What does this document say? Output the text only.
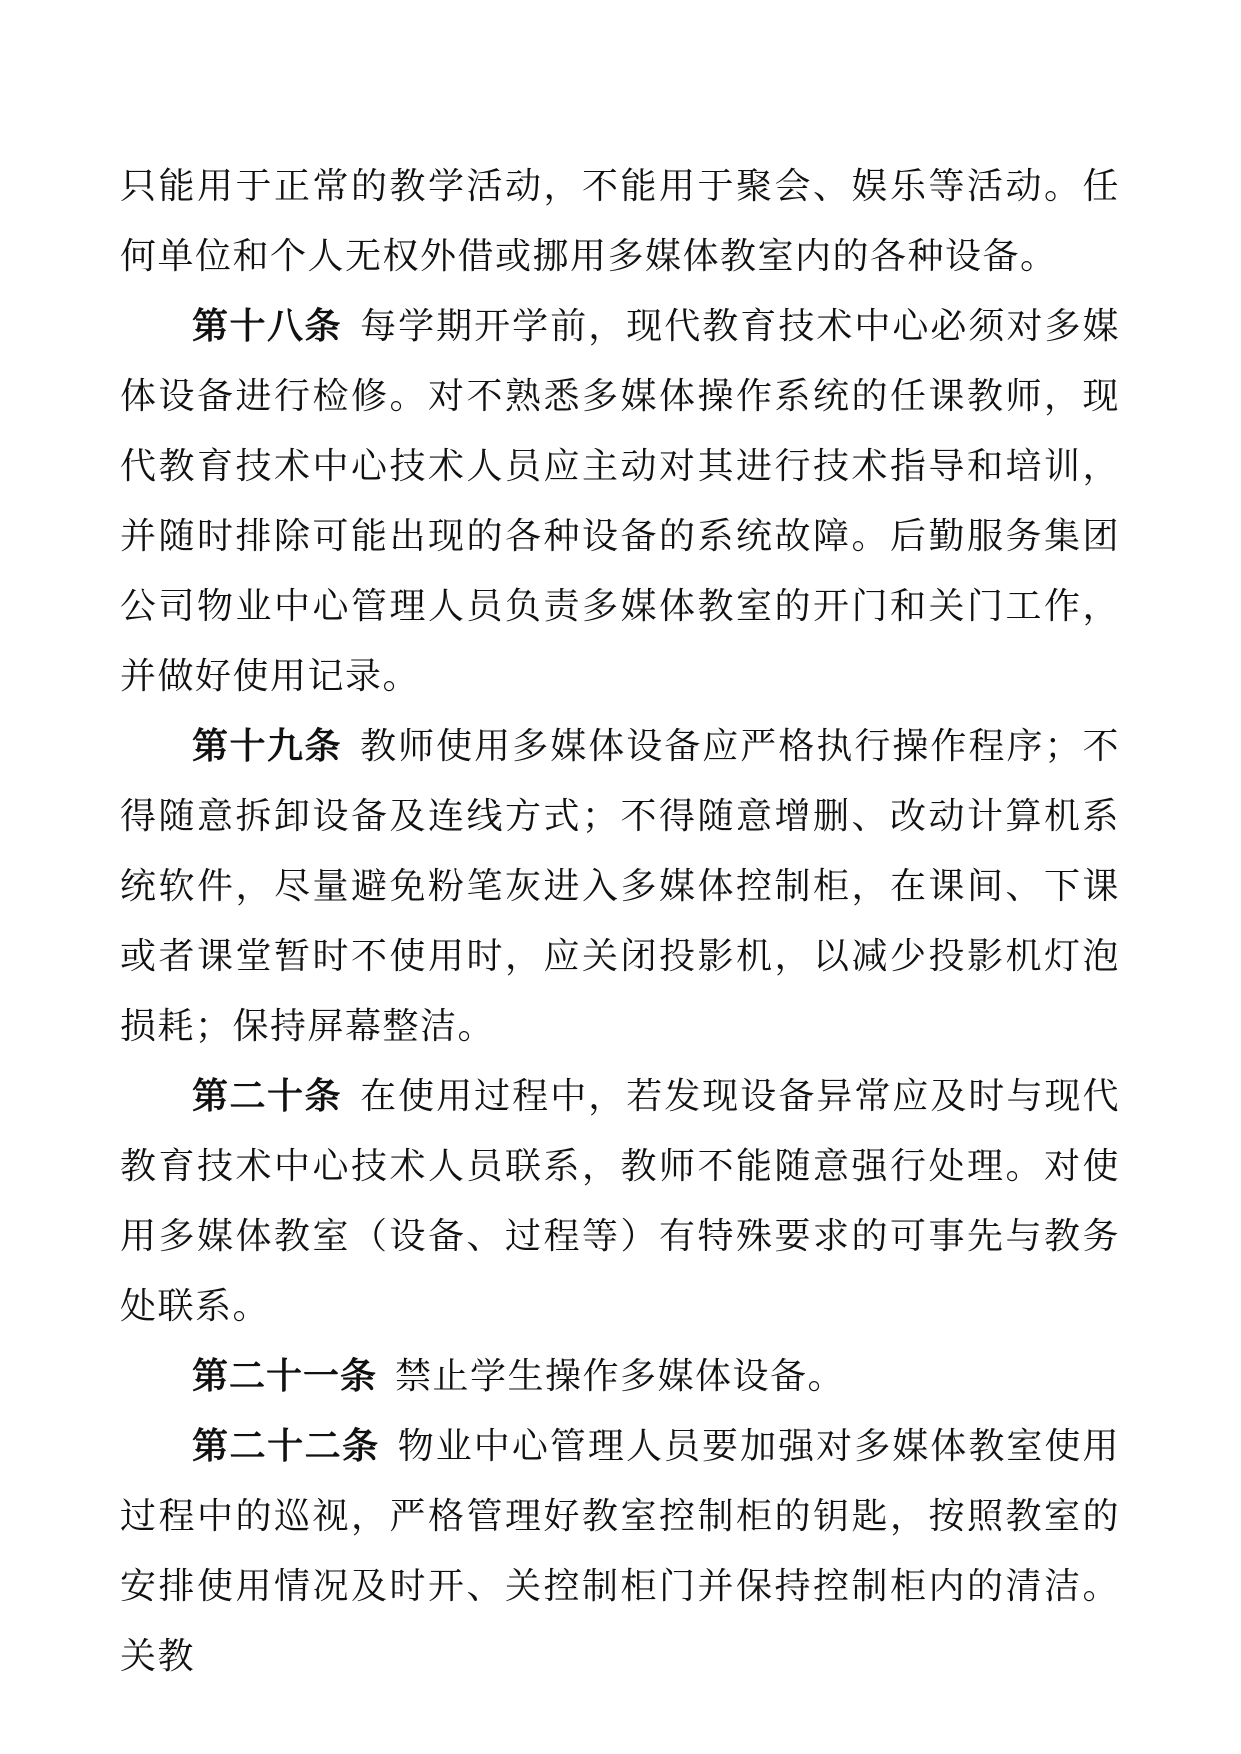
只能用于正常的教学活动，不能用于聚会、娱乐等活动。任何单位和个人无权外借或挪用多媒体教室内的各种设备。

第十八条 每学期开学前，现代教育技术中心必须对多媒体设备进行检修。对不熟悉多媒体操作系统的任课教师，现代教育技术中心技术人员应主动对其进行技术指导和培训，并随时排除可能出现的各种设备的系统故障。后勤服务集团公司物业中心管理人员负责多媒体教室的开门和关门工作，并做好使用记录。

第十九条 教师使用多媒体设备应严格执行操作程序；不得随意拆卸设备及连线方式；不得随意增删、改动计算机系统软件，尽量避免粉笔灰进入多媒体控制柜，在课间、下课或者课堂暂时不使用时，应关闭投影机，以减少投影机灯泡损耗；保持屏幕整洁。

第二十条 在使用过程中，若发现设备异常应及时与现代教育技术中心技术人员联系，教师不能随意强行处理。对使用多媒体教室（设备、过程等）有特殊要求的可事先与教务处联系。

第二十一条 禁止学生操作多媒体设备。

第二十二条 物业中心管理人员要加强对多媒体教室使用过程中的巡视，严格管理好教室控制柜的钥匙，按照教室的安排使用情况及时开、关控制柜门并保持控制柜内的清洁。关教
